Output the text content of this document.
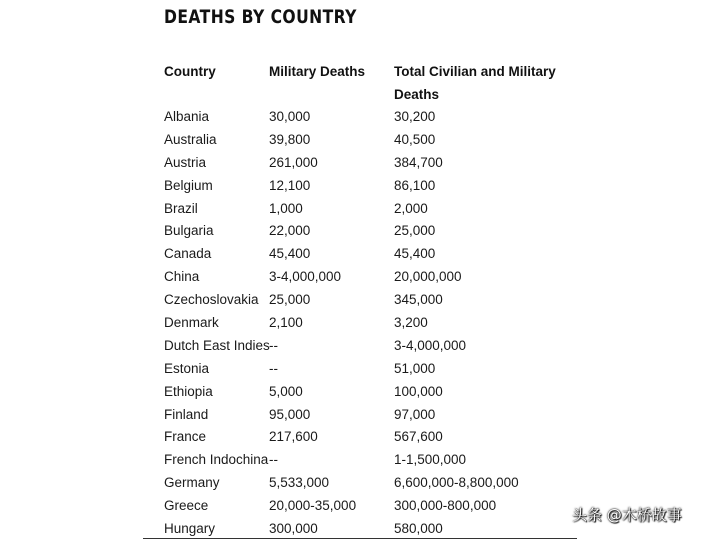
DEATHS BY COUNTRY
Country	Military Deaths	Total Civilian and Military
Deaths
Albania	30,000	30,200
Australia	39,800	40,500
Austria	261,000	384,700
Belgium	12,100	86,100
Brazil	1,000	2,000
Bulgaria	22,000	25,000
Canada	45,400	45,400
China	3-4,000,000	20,000,000
Czechoslovakia 25,000	345,000
Denmark	2,100	3,200
Dutch East Indies --	3-4,000,000
Estonia	--	51,000
Ethiopia	5,000	100,000
Finland	95,000	97,000
France	217,600	567,600
French Indochina --	1-1,500,000
Germany	5,533,000	6,600,000-8,800,000
Greece	20,000-35,000	300,000-800,000
Hungary	300,000	580,000
头条 @木桥故事
